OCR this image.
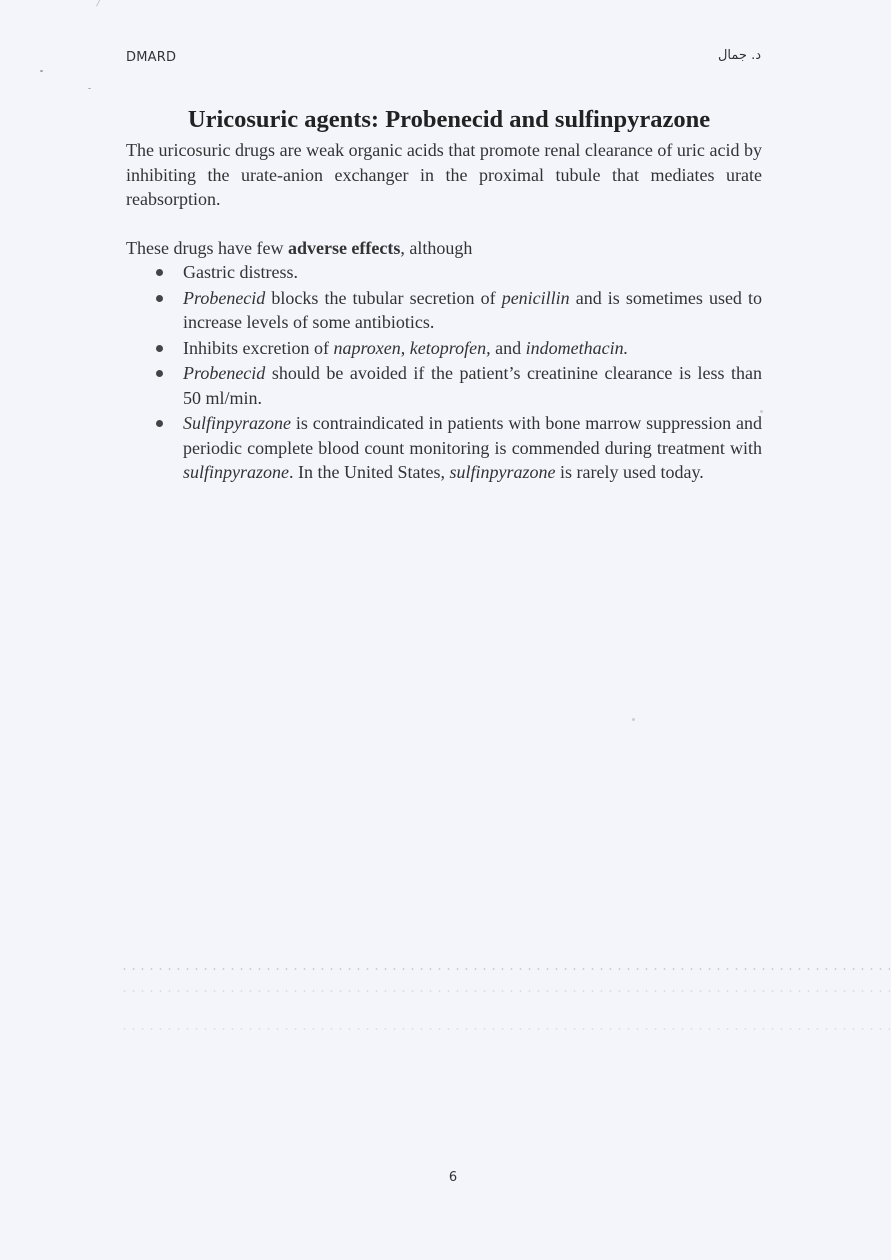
DMARD	د. جمال
Uricosuric agents: Probenecid and sulfinpyrazone

The uricosuric drugs are weak organic acids that promote renal clearance of uric acid by inhibiting the urate-anion exchanger in the proximal tubule that mediates urate reabsorption.

These drugs have few adverse effects, although

Gastric distress.
Probenecid blocks the tubular secretion of penicillin and is sometimes used to increase levels of some antibiotics.
Inhibits excretion of naproxen, ketoprofen, and indomethacin.
Probenecid should be avoided if the patient’s creatinine clearance is less than 50 ml/min.
Sulfinpyrazone is contraindicated in patients with bone marrow suppression and periodic complete blood count monitoring is commended during treatment with sulfinpyrazone. In the United States, sulfinpyrazone is rarely used today.
6
